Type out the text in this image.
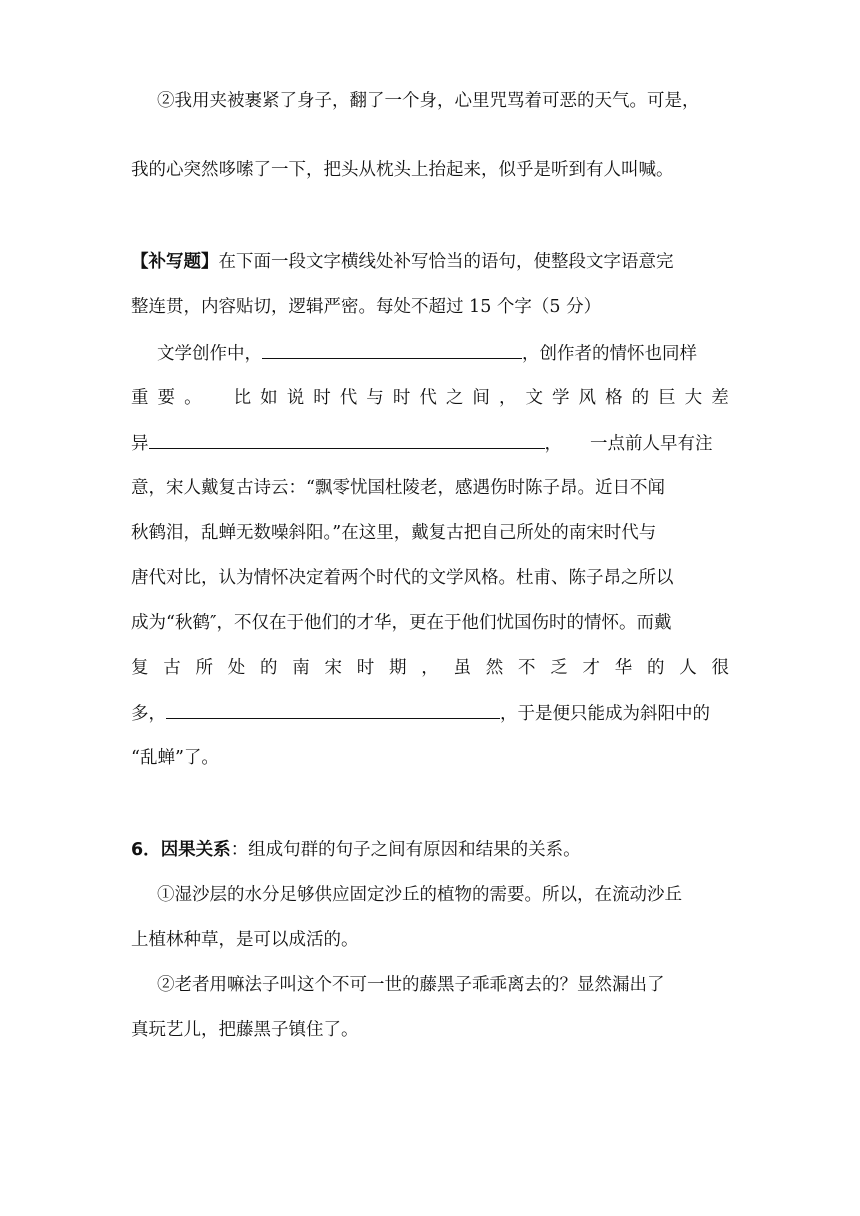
②我用夹被裹紧了身子，翻了一个身，心里咒骂着可恶的天气。可是，
我的心突然哆嗦了一下，把头从枕头上抬起来，似乎是听到有人叫喊。
【补写题】在下面一段文字横线处补写恰当的语句，使整段文字语意完
整连贯，内容贴切，逻辑严密。每处不超过 15 个字（5 分）
文学创作中，	，创作者的情怀也同样
重 要 。 比 如 说 时 代 与 时 代 之 间 ， 文 学 风 格 的 巨 大 差
异	， 一点前人早有注
意，宋人戴复古诗云：“飘零忧国杜陵老，感遇伤时陈子昂。近日不闻
秋鹤泪，乱蝉无数噪斜阳。”在这里，戴复古把自己所处的南宋时代与
唐代对比，认为情怀决定着两个时代的文学风格。杜甫、陈子昂之所以
成为“秋鹤″，不仅在于他们的才华，更在于他们忧国伤时的情怀。而戴
复 古 所 处 的 南 宋 时 期 ， 虽 然 不 乏 才 华 的 人 很
多，	，于是便只能成为斜阳中的
“乱蝉”了。
6．因果关系：组成句群的句子之间有原因和结果的关系。
①湿沙层的水分足够供应固定沙丘的植物的需要。所以，在流动沙丘
上植林种草，是可以成活的。
②老者用嘛法子叫这个不可一世的藤黑子乖乖离去的？显然漏出了
真玩艺儿，把藤黑子镇住了。
